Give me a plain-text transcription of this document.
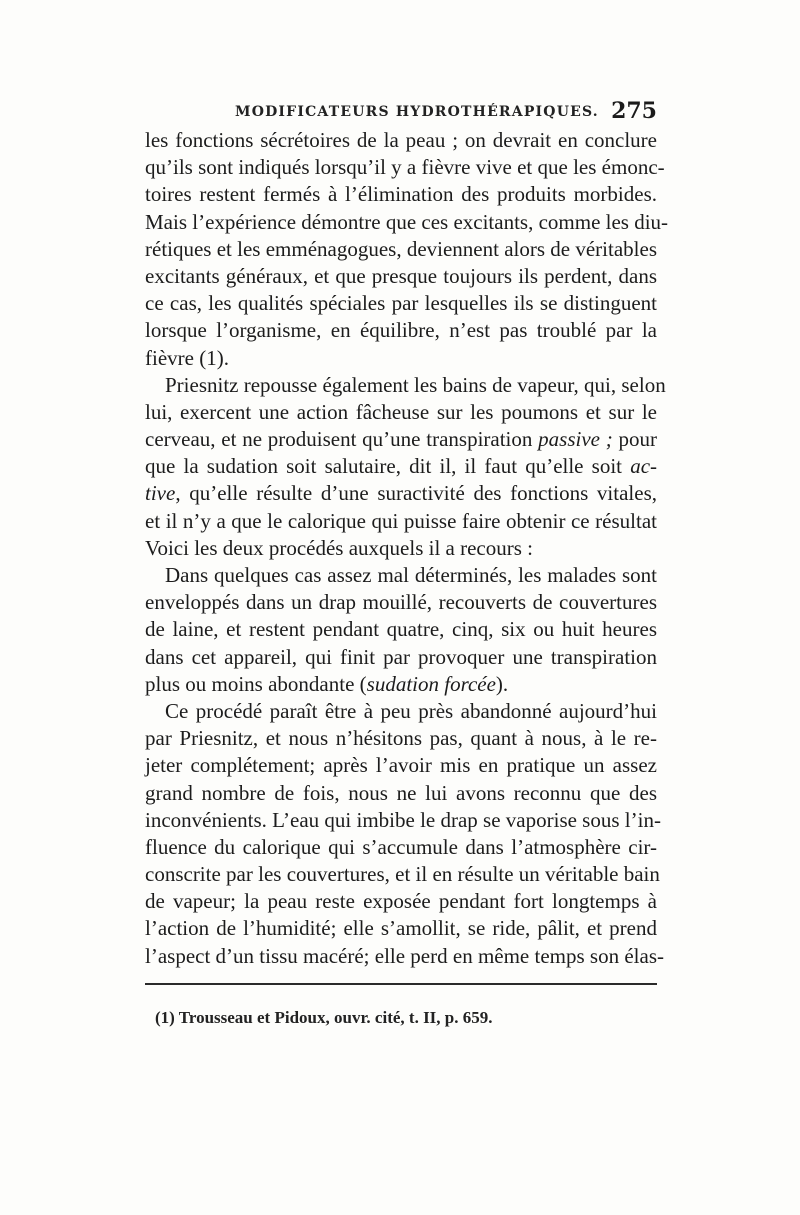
MODIFICATEURS HYDROTHÉRAPIQUES. 275
les fonctions sécrétoires de la peau ; on devrait en conclure
qu’ils sont indiqués lorsqu’il y a fièvre vive et que les émonc-
toires restent fermés à l’élimination des produits morbides.
Mais l’expérience démontre que ces excitants, comme les diu-
rétiques et les emménagogues, deviennent alors de véritables
excitants généraux, et que presque toujours ils perdent, dans
ce cas, les qualités spéciales par lesquelles ils se distinguent
lorsque l’organisme, en équilibre, n’est pas troublé par la
fièvre (1).
Priesnitz repousse également les bains de vapeur, qui, selon
lui, exercent une action fâcheuse sur les poumons et sur le
cerveau, et ne produisent qu’une transpiration passive ; pour
que la sudation soit salutaire, dit il, il faut qu’elle soit ac-
tive, qu’elle résulte d’une suractivité des fonctions vitales,
et il n’y a que le calorique qui puisse faire obtenir ce résultat
Voici les deux procédés auxquels il a recours :
Dans quelques cas assez mal déterminés, les malades sont
enveloppés dans un drap mouillé, recouverts de couvertures
de laine, et restent pendant quatre, cinq, six ou huit heures
dans cet appareil, qui finit par provoquer une transpiration
plus ou moins abondante (sudation forcée).
Ce procédé paraît être à peu près abandonné aujourd’hui
par Priesnitz, et nous n’hésitons pas, quant à nous, à le re-
jeter complétement; après l’avoir mis en pratique un assez
grand nombre de fois, nous ne lui avons reconnu que des
inconvénients. L’eau qui imbibe le drap se vaporise sous l’in-
fluence du calorique qui s’accumule dans l’atmosphère cir-
conscrite par les couvertures, et il en résulte un véritable bain
de vapeur; la peau reste exposée pendant fort longtemps à
l’action de l’humidité; elle s’amollit, se ride, pâlit, et prend
l’aspect d’un tissu macéré; elle perd en même temps son élas-
(1) Trousseau et Pidoux, ouvr. cité, t. II, p. 659.
